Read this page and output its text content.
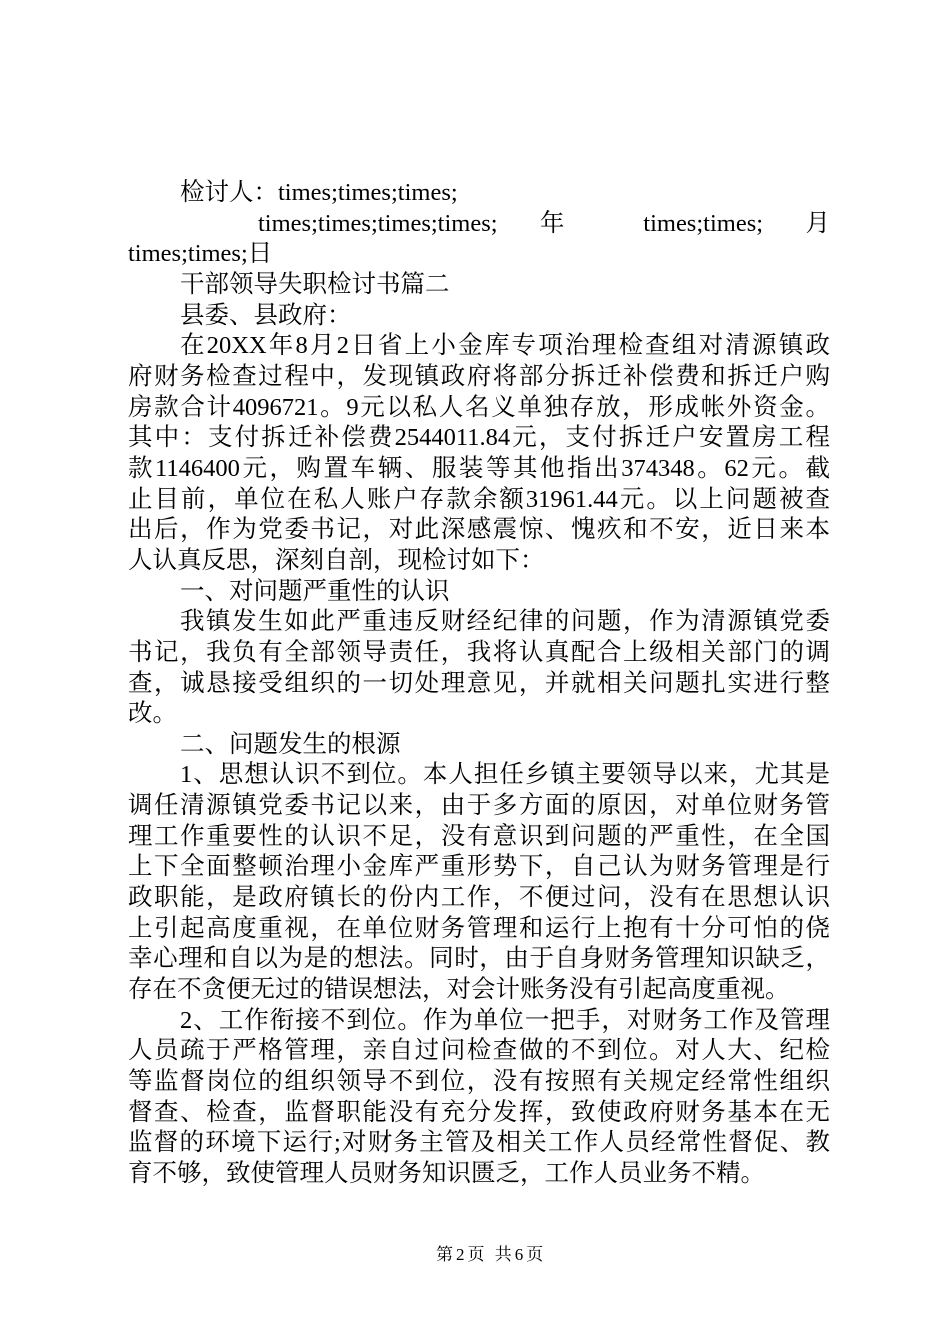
检讨人：times;times;times;
times;times;times;times; 年 times;times; 月
times;times;日
干部领导失职检讨书篇二
县委、县政府：
在20XX年8月2日省上小金库专项治理检查组对清源镇政
府财务检查过程中，发现镇政府将部分拆迁补偿费和拆迁户购
房款合计4096721。9元以私人名义单独存放，形成帐外资金。
其中：支付拆迁补偿费2544011.84元，支付拆迁户安置房工程
款1146400元，购置车辆、服装等其他指出374348。62元。截
止目前，单位在私人账户存款余额31961.44元。以上问题被查
出后，作为党委书记，对此深感震惊、愧疚和不安，近日来本
人认真反思，深刻自剖，现检讨如下：
一、对问题严重性的认识
我镇发生如此严重违反财经纪律的问题，作为清源镇党委
书记，我负有全部领导责任，我将认真配合上级相关部门的调
查，诚恳接受组织的一切处理意见，并就相关问题扎实进行整
改。
二、问题发生的根源
1、思想认识不到位。本人担任乡镇主要领导以来，尤其是
调任清源镇党委书记以来，由于多方面的原因，对单位财务管
理工作重要性的认识不足，没有意识到问题的严重性，在全国
上下全面整顿治理小金库严重形势下，自己认为财务管理是行
政职能，是政府镇长的份内工作，不便过问，没有在思想认识
上引起高度重视，在单位财务管理和运行上抱有十分可怕的侥
幸心理和自以为是的想法。同时，由于自身财务管理知识缺乏，
存在不贪便无过的错误想法，对会计账务没有引起高度重视。
2、工作衔接不到位。作为单位一把手，对财务工作及管理
人员疏于严格管理，亲自过问检查做的不到位。对人大、纪检
等监督岗位的组织领导不到位，没有按照有关规定经常性组织
督查、检查，监督职能没有充分发挥，致使政府财务基本在无
监督的环境下运行;对财务主管及相关工作人员经常性督促、教
育不够，致使管理人员财务知识匮乏，工作人员业务不精。
第2页 共6页
